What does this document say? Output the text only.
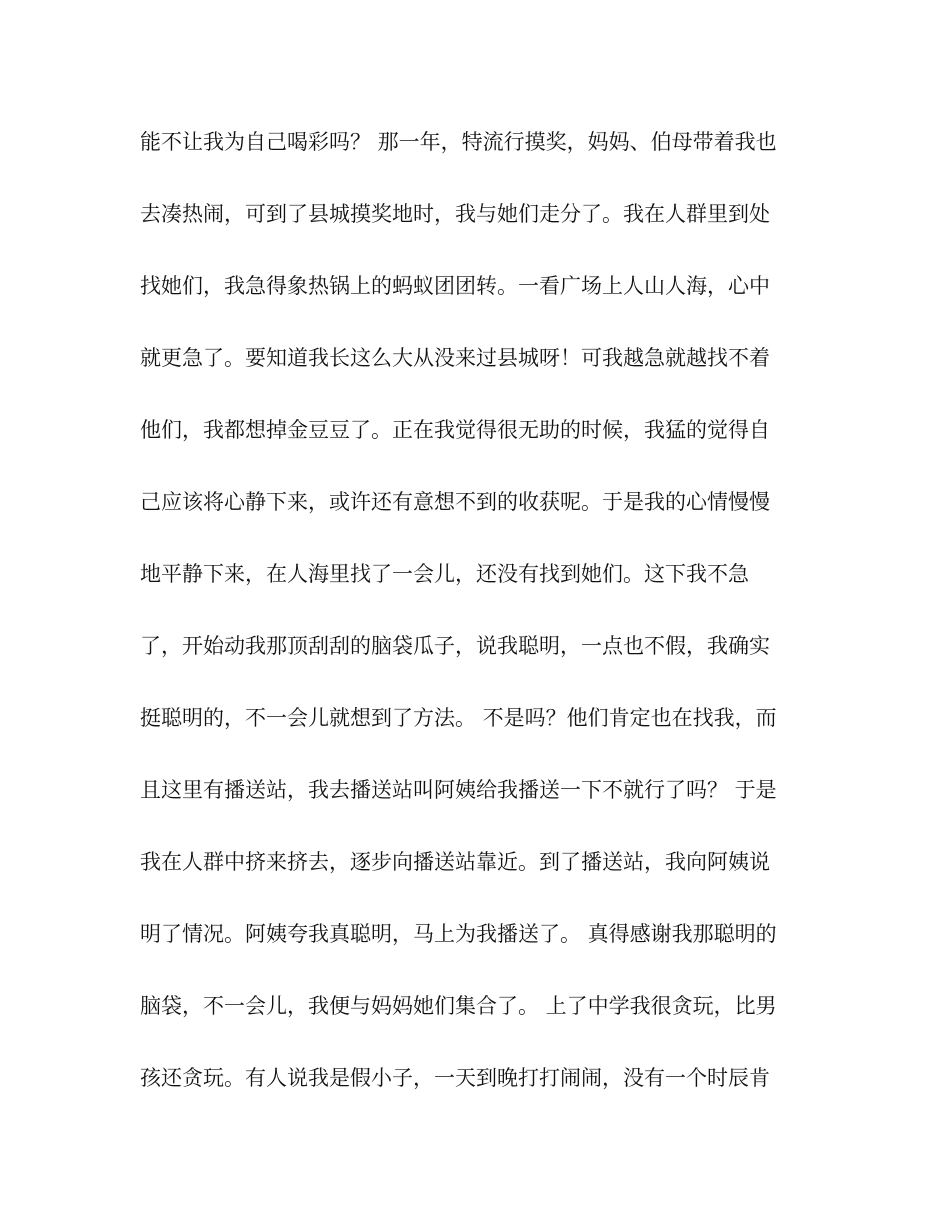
能不让我为自己喝彩吗？ 那一年，特流行摸奖，妈妈、伯母带着我也
去凑热闹，可到了县城摸奖地时，我与她们走分了。我在人群里到处
找她们，我急得象热锅上的蚂蚁团团转。一看广场上人山人海，心中
就更急了。要知道我长这么大从没来过县城呀！可我越急就越找不着
他们，我都想掉金豆豆了。正在我觉得很无助的时候，我猛的觉得自
己应该将心静下来，或许还有意想不到的收获呢。于是我的心情慢慢
地平静下来，在人海里找了一会儿，还没有找到她们。这下我不急
了，开始动我那顶刮刮的脑袋瓜子，说我聪明，一点也不假，我确实
挺聪明的，不一会儿就想到了方法。 不是吗？他们肯定也在找我，而
且这里有播送站，我去播送站叫阿姨给我播送一下不就行了吗？ 于是
我在人群中挤来挤去，逐步向播送站靠近。到了播送站，我向阿姨说
明了情况。阿姨夸我真聪明，马上为我播送了。 真得感谢我那聪明的
脑袋，不一会儿，我便与妈妈她们集合了。 上了中学我很贪玩，比男
孩还贪玩。有人说我是假小子，一天到晚打打闹闹，没有一个时辰肯
